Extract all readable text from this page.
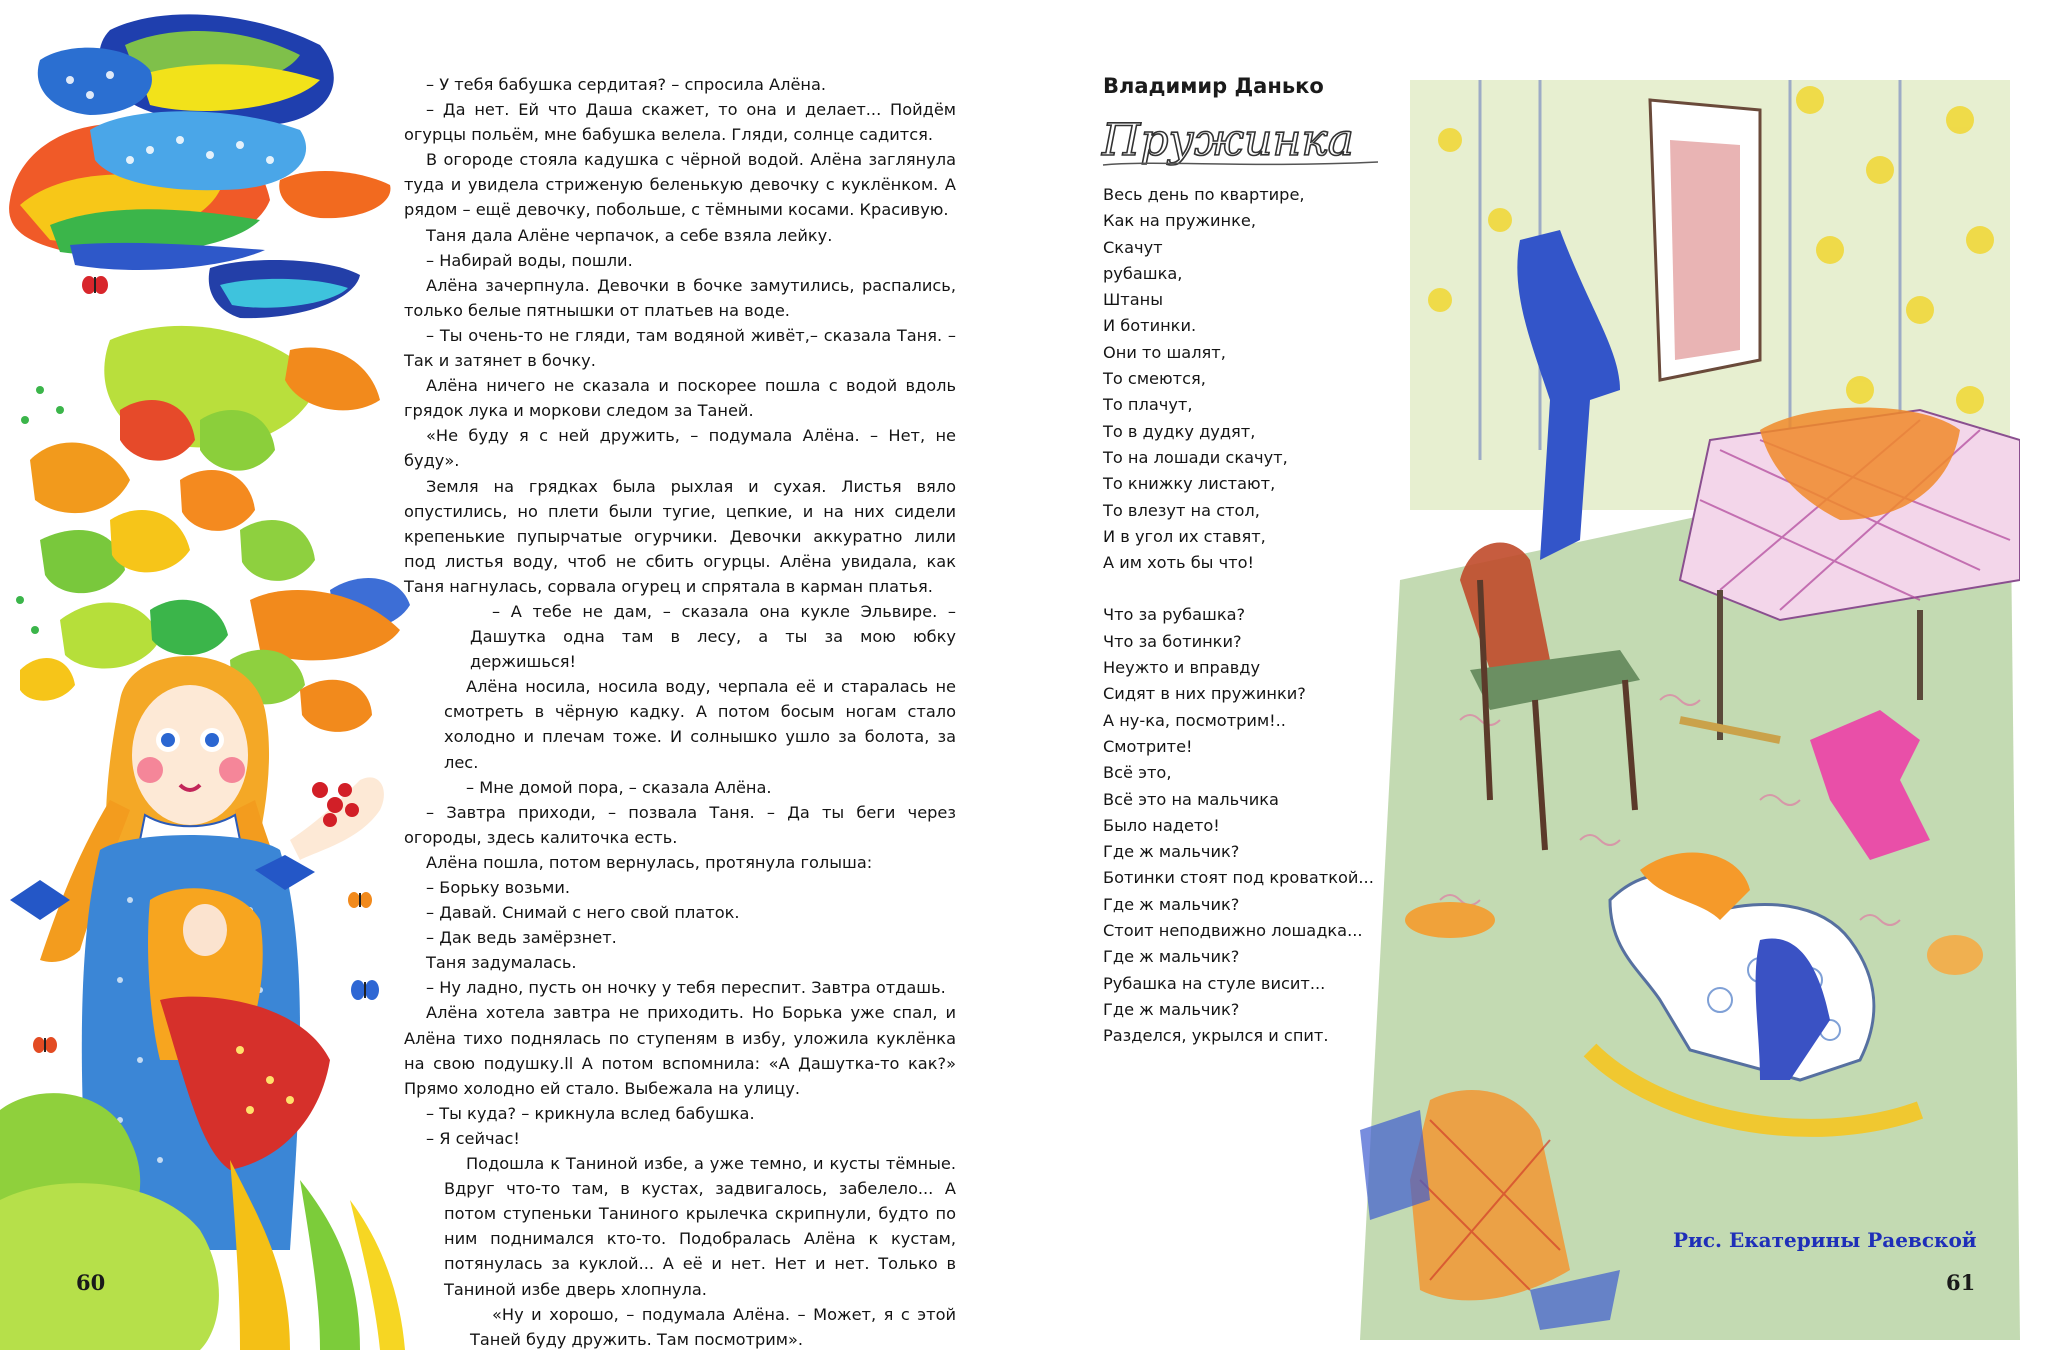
– У тебя бабушка сердитая? – спросила Алёна.

– Да нет. Ей что Даша скажет, то она и делает... Пойдём огурцы польём, мне бабушка велела. Гляди, солнце садится.

В огороде стояла кадушка с чёрной водой. Алёна заглянула туда и увидела стриженую беленькую девочку с куклёнком. А рядом – ещё девочку, побольше, с тёмными косами. Красивую.

Таня дала Алёне черпачок, а себе взяла лейку.

– Набирай воды, пошли.

Алёна зачерпнула. Девочки в бочке замутились, распались, только белые пятнышки от платьев на воде.

– Ты очень-то не гляди, там водяной живёт,– сказала Таня. – Так и затянет в бочку.

Алёна ничего не сказала и поскорее пошла с водой вдоль грядок лука и моркови следом за Таней.

«Не буду я с ней дружить, – подумала Алёна. – Нет, не буду».

Земля на грядках была рыхлая и сухая. Листья вяло опустились, но плети были тугие, цепкие, и на них сидели крепенькие пупырчатые огурчики. Девочки аккуратно лили под листья воду, чтоб не сбить огурцы. Алёна увидала, как Таня нагнулась, сорвала огурец и спрятала в карман платья.

– А тебе не дам, – сказала она кукле Эльвире. – Дашутка одна там в лесу, а ты за мою юбку держишься!

Алёна носила, носила воду, черпала её и старалась не смотреть в чёрную кадку. А потом босым ногам стало холодно и плечам тоже. И солнышко ушло за болота, за лес.

– Мне домой пора, – сказала Алёна.

– Завтра приходи, – позвала Таня. – Да ты беги через огороды, здесь калиточка есть.

Алёна пошла, потом вернулась, протянула голыша:

– Борьку возьми.

– Давай. Снимай с него свой платок.

– Дак ведь замёрзнет.

Таня задумалась.

– Ну ладно, пусть он ночку у тебя переспит. Завтра отдашь.

Алёна хотела завтра не приходить. Но Борька уже спал, и Алёна тихо поднялась по ступеням в избу, уложила куклёнка на свою подушку.ll А потом вспомнила: «А Дашутка-то как?» Прямо холодно ей стало. Выбежала на улицу.

– Ты куда? – крикнула вслед бабушка.

– Я сейчас!

Подошла к Таниной избе, а уже темно, и кусты тёмные. Вдруг что-то там, в кустах, задвигалось, забелело... А потом ступеньки Таниного крылечка скрипнули, будто по ним поднимался кто-то. Подобралась Алёна к кустам, потянулась за куклой... А её и нет. Нет и нет. Только в Таниной избе дверь хлопнула.

«Ну и хорошо, – подумала Алёна. – Может, я с этой Таней буду дружить. Там посмотрим».

60
Владимир Данько
Пружинка
Весь день по квартире,
Как на пружинке,
Скачут
рубашка,
Штаны
И ботинки.
Они то шалят,
То смеются,
То плачут,
То в дудку дудят,
То на лошади скачут,
То книжку листают,
То влезут на стол,
И в угол их ставят,
А им хоть бы что!
Что за рубашка?
Что за ботинки?
Неужто и вправду
Сидят в них пружинки?
А ну-ка, посмотрим!..
Смотрите!
Всё это,
Всё это на мальчика
Было надето!
Где ж мальчик?
Ботинки стоят под кроваткой...
Где ж мальчик?
Стоит неподвижно лошадка...
Где ж мальчик?
Рубашка на стуле висит...
Где ж мальчик?
Разделся, укрылся и спит.
Рис. Екатерины Раевской
61
